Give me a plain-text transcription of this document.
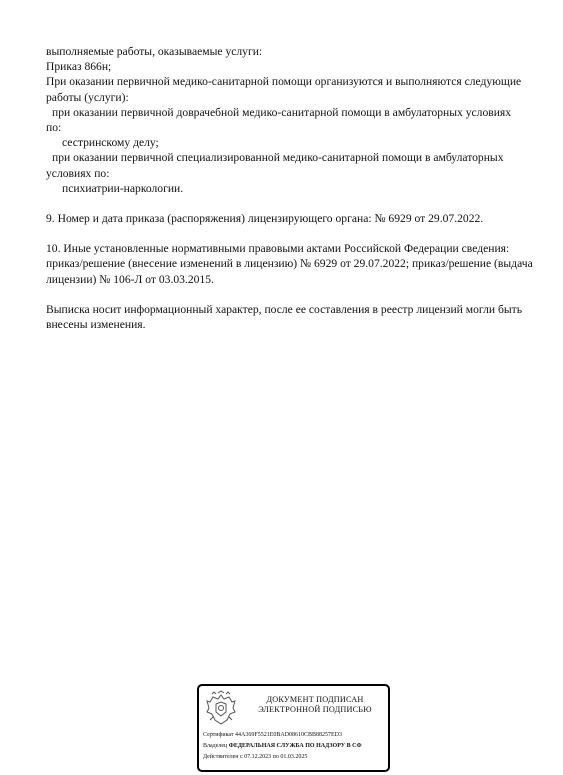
выполняемые работы, оказываемые услуги:
Приказ 866н;
При оказании первичной медико-санитарной помощи организуются и выполняются следующие
работы (услуги):
при оказании первичной доврачебной медико-санитарной помощи в амбулаторных условиях
по:
сестринскому делу;
при оказании первичной специализированной медико-санитарной помощи в амбулаторных
условиях по:
психиатрии-наркологии.
9. Номер и дата приказа (распоряжения) лицензирующего органа: № 6929 от 29.07.2022.
10. Иные установленные нормативными правовыми актами Российской Федерации сведения:
приказ/решение (внесение изменений в лицензию) № 6929 от 29.07.2022; приказ/решение (выдача
лицензии) № 106-Л от 03.03.2015.
Выписка носит информационный характер, после ее составления в реестр лицензий могли быть
внесены изменения.
ДОКУМЕНТ ПОДПИСАН
ЭЛЕКТРОННОЙ ПОДПИСЬЮ
Сертификат 44A369F5521E0BAD08610CBB88257ED3
Владелец ФЕДЕРАЛЬНАЯ СЛУЖБА ПО НАДЗОРУ В СФ
Действителен с 07.12.2023 по 01.03.2025
